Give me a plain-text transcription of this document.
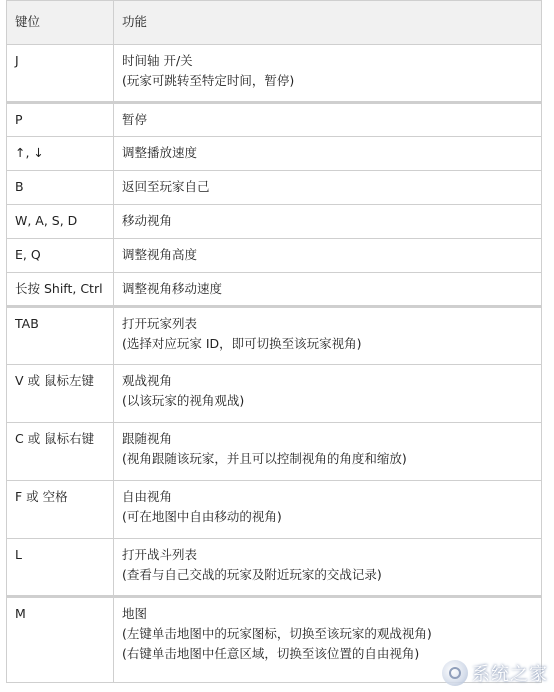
键位	功能
J	时间轴 开/关
(玩家可跳转至特定时间，暂停)

P	暂停

↑, ↓	调整播放速度

B	返回至玩家自己

W, A, S, D	移动视角

E, Q	调整视角高度

长按 Shift, Ctrl	调整视角移动速度

TAB	打开玩家列表
(选择对应玩家 ID，即可切换至该玩家视角)

V 或 鼠标左键	观战视角
(以该玩家的视角观战)

C 或 鼠标右键	跟随视角
(视角跟随该玩家，并且可以控制视角的角度和缩放)

F 或 空格	自由视角
(可在地图中自由移动的视角)

L	打开战斗列表
(查看与自己交战的玩家及附近玩家的交战记录)

M	地图
(左键单击地图中的玩家图标，切换至该玩家的观战视角)
(右键单击地图中任意区域，切换至该位置的自由视角)
系统之家
